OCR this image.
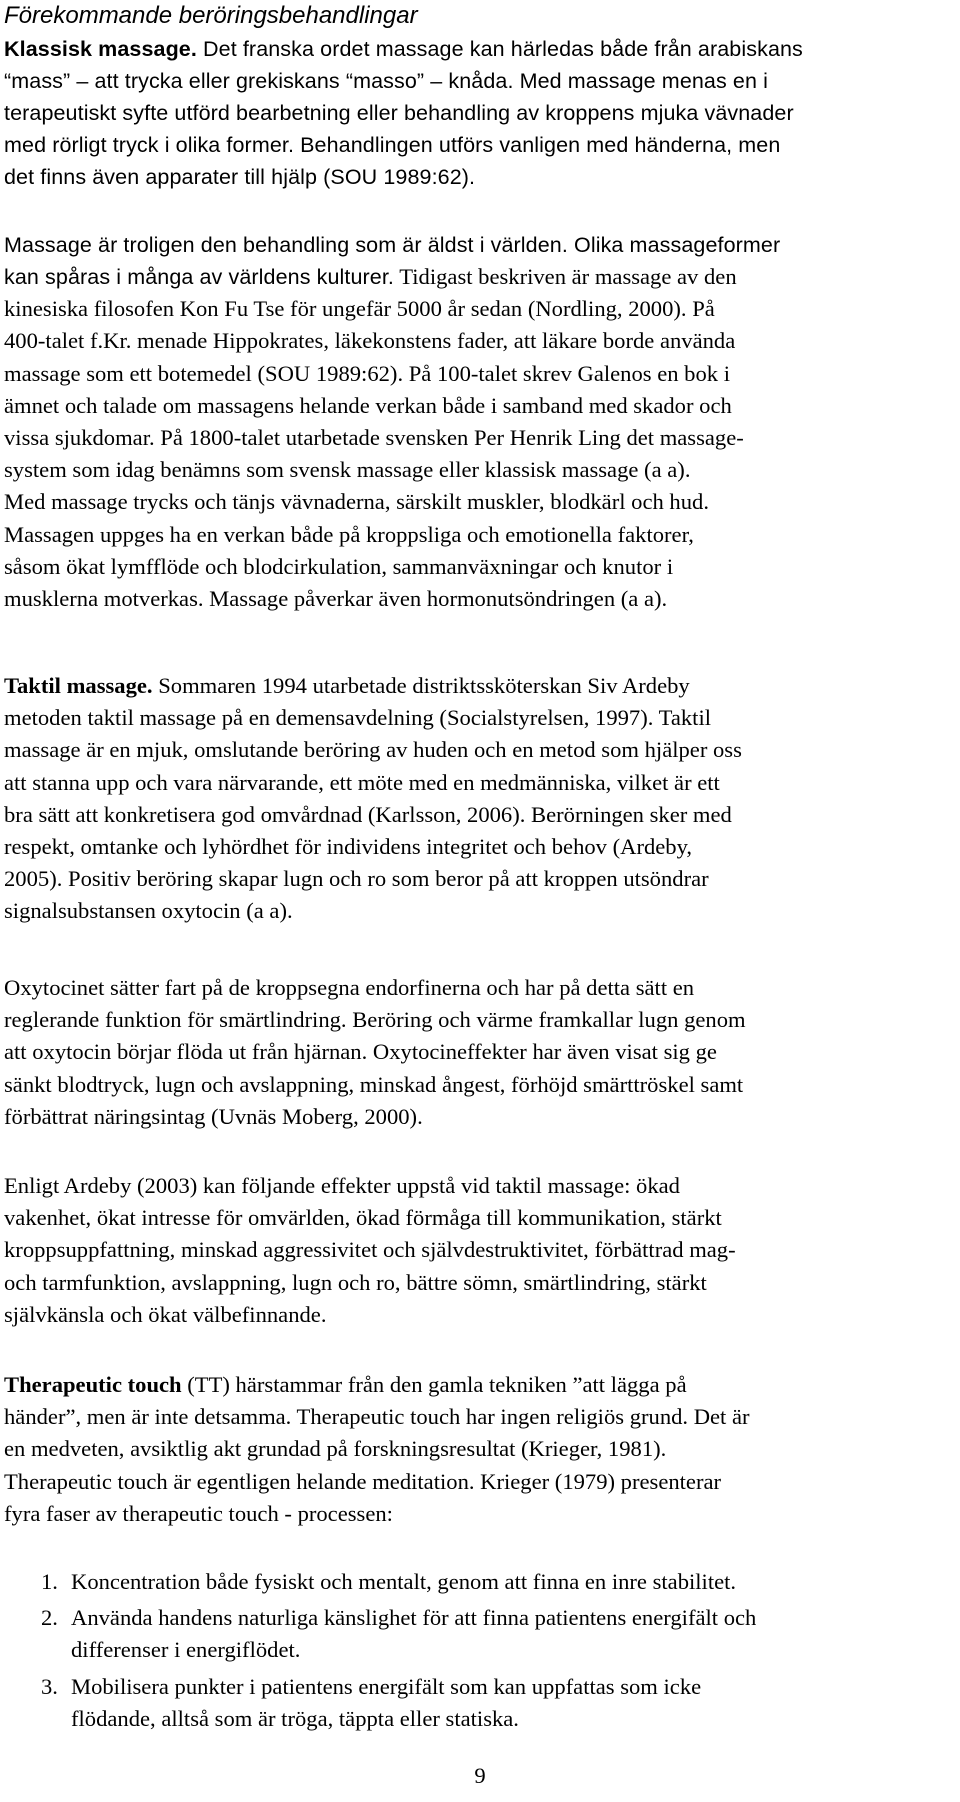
Förekommande beröringsbehandlingar

Klassisk massage. Det franska ordet massage kan härledas både från arabiskans
“mass” – att trycka eller grekiskans “masso” – knåda. Med massage menas en i
terapeutiskt syfte utförd bearbetning eller behandling av kroppens mjuka vävnader
med rörligt tryck i olika former. Behandlingen utförs vanligen med händerna, men
det finns även apparater till hjälp (SOU 1989:62).

Massage är troligen den behandling som är äldst i världen. Olika massageformer
kan spåras i många av världens kulturer. Tidigast beskriven är massage av den
kinesiska filosofen Kon Fu Tse för ungefär 5000 år sedan (Nordling, 2000). På
400-talet f.Kr. menade Hippokrates, läkekonstens fader, att läkare borde använda
massage som ett botemedel (SOU 1989:62). På 100-talet skrev Galenos en bok i
ämnet och talade om massagens helande verkan både i samband med skador och
vissa sjukdomar. På 1800-talet utarbetade svensken Per Henrik Ling det massage-
system som idag benämns som svensk massage eller klassisk massage (a a).
Med massage trycks och tänjs vävnaderna, särskilt muskler, blodkärl och hud.
Massagen uppges ha en verkan både på kroppsliga och emotionella faktorer,
såsom ökat lymfflöde och blodcirkulation, sammanväxningar och knutor i
musklerna motverkas. Massage påverkar även hormonutsöndringen (a a).

Taktil massage. Sommaren 1994 utarbetade distriktssköterskan Siv Ardeby
metoden taktil massage på en demensavdelning (Socialstyrelsen, 1997). Taktil
massage är en mjuk, omslutande beröring av huden och en metod som hjälper oss
att stanna upp och vara närvarande, ett möte med en medmänniska, vilket är ett
bra sätt att konkretisera god omvårdnad (Karlsson, 2006). Berörningen sker med
respekt, omtanke och lyhördhet för individens integritet och behov (Ardeby,
2005). Positiv beröring skapar lugn och ro som beror på att kroppen utsöndrar
signalsubstansen oxytocin (a a).

Oxytocinet sätter fart på de kroppsegna endorfinerna och har på detta sätt en
reglerande funktion för smärtlindring. Beröring och värme framkallar lugn genom
att oxytocin börjar flöda ut från hjärnan. Oxytocineffekter har även visat sig ge
sänkt blodtryck, lugn och avslappning, minskad ångest, förhöjd smärttröskel samt
förbättrat näringsintag (Uvnäs Moberg, 2000).

Enligt Ardeby (2003) kan följande effekter uppstå vid taktil massage: ökad
vakenhet, ökat intresse för omvärlden, ökad förmåga till kommunikation, stärkt
kroppsuppfattning, minskad aggressivitet och självdestruktivitet, förbättrad mag-
och tarmfunktion, avslappning, lugn och ro, bättre sömn, smärtlindring, stärkt
självkänsla och ökat välbefinnande.

Therapeutic touch (TT) härstammar från den gamla tekniken ”att lägga på
händer”, men är inte detsamma. Therapeutic touch har ingen religiös grund. Det är
en medveten, avsiktlig akt grundad på forskningsresultat (Krieger, 1981).
Therapeutic touch är egentligen helande meditation. Krieger (1979) presenterar
fyra faser av therapeutic touch - processen:

1. Koncentration både fysiskt och mentalt, genom att finna en inre stabilitet.
2. Använda handens naturliga känslighet för att finna patientens energifält och
differenser i energiflödet.
3. Mobilisera punkter i patientens energifält som kan uppfattas som icke
flödande, alltså som är tröga, täppta eller statiska.
9
